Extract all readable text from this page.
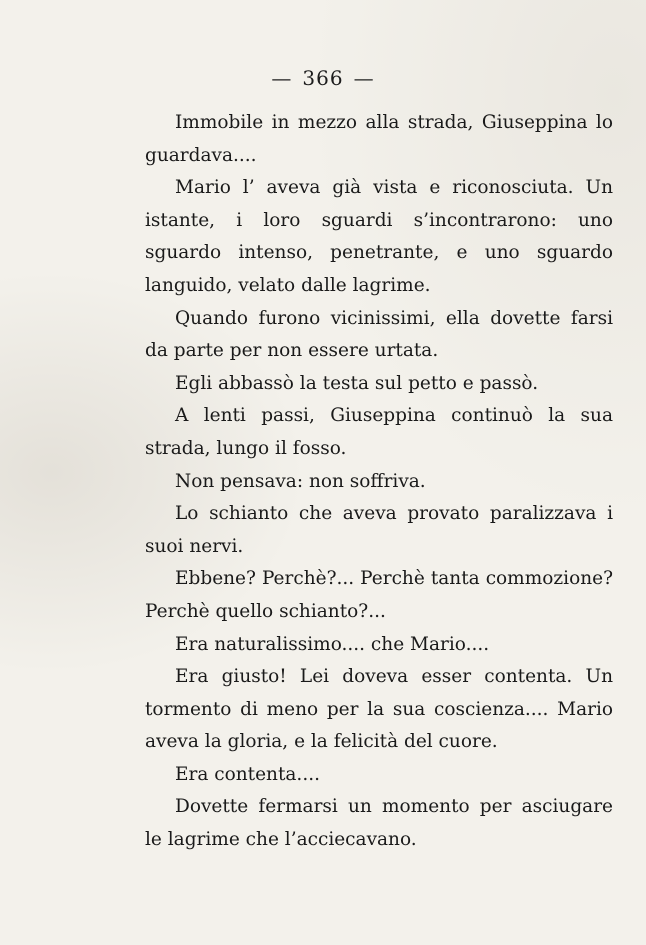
— 366 —

Immobile in mezzo alla strada, Giuseppina lo guardava....

Mario l’ aveva già vista e riconosciuta. Un istante, i loro sguardi s’incontrarono: uno sguardo intenso, penetrante, e uno sguardo languido, velato dalle lagrime.

Quando furono vicinissimi, ella dovette farsi da parte per non essere urtata.

Egli abbassò la testa sul petto e passò.

A lenti passi, Giuseppina continuò la sua strada, lungo il fosso.

Non pensava: non soffriva.

Lo schianto che aveva provato paralizzava i suoi nervi.

Ebbene? Perchè?... Perchè tanta commozione? Perchè quello schianto?...

Era naturalissimo.... che Mario....

Era giusto! Lei doveva esser contenta. Un tormento di meno per la sua coscienza.... Mario aveva la gloria, e la felicità del cuore.

Era contenta....

Dovette fermarsi un momento per asciugare le lagrime che l’acciecavano.
